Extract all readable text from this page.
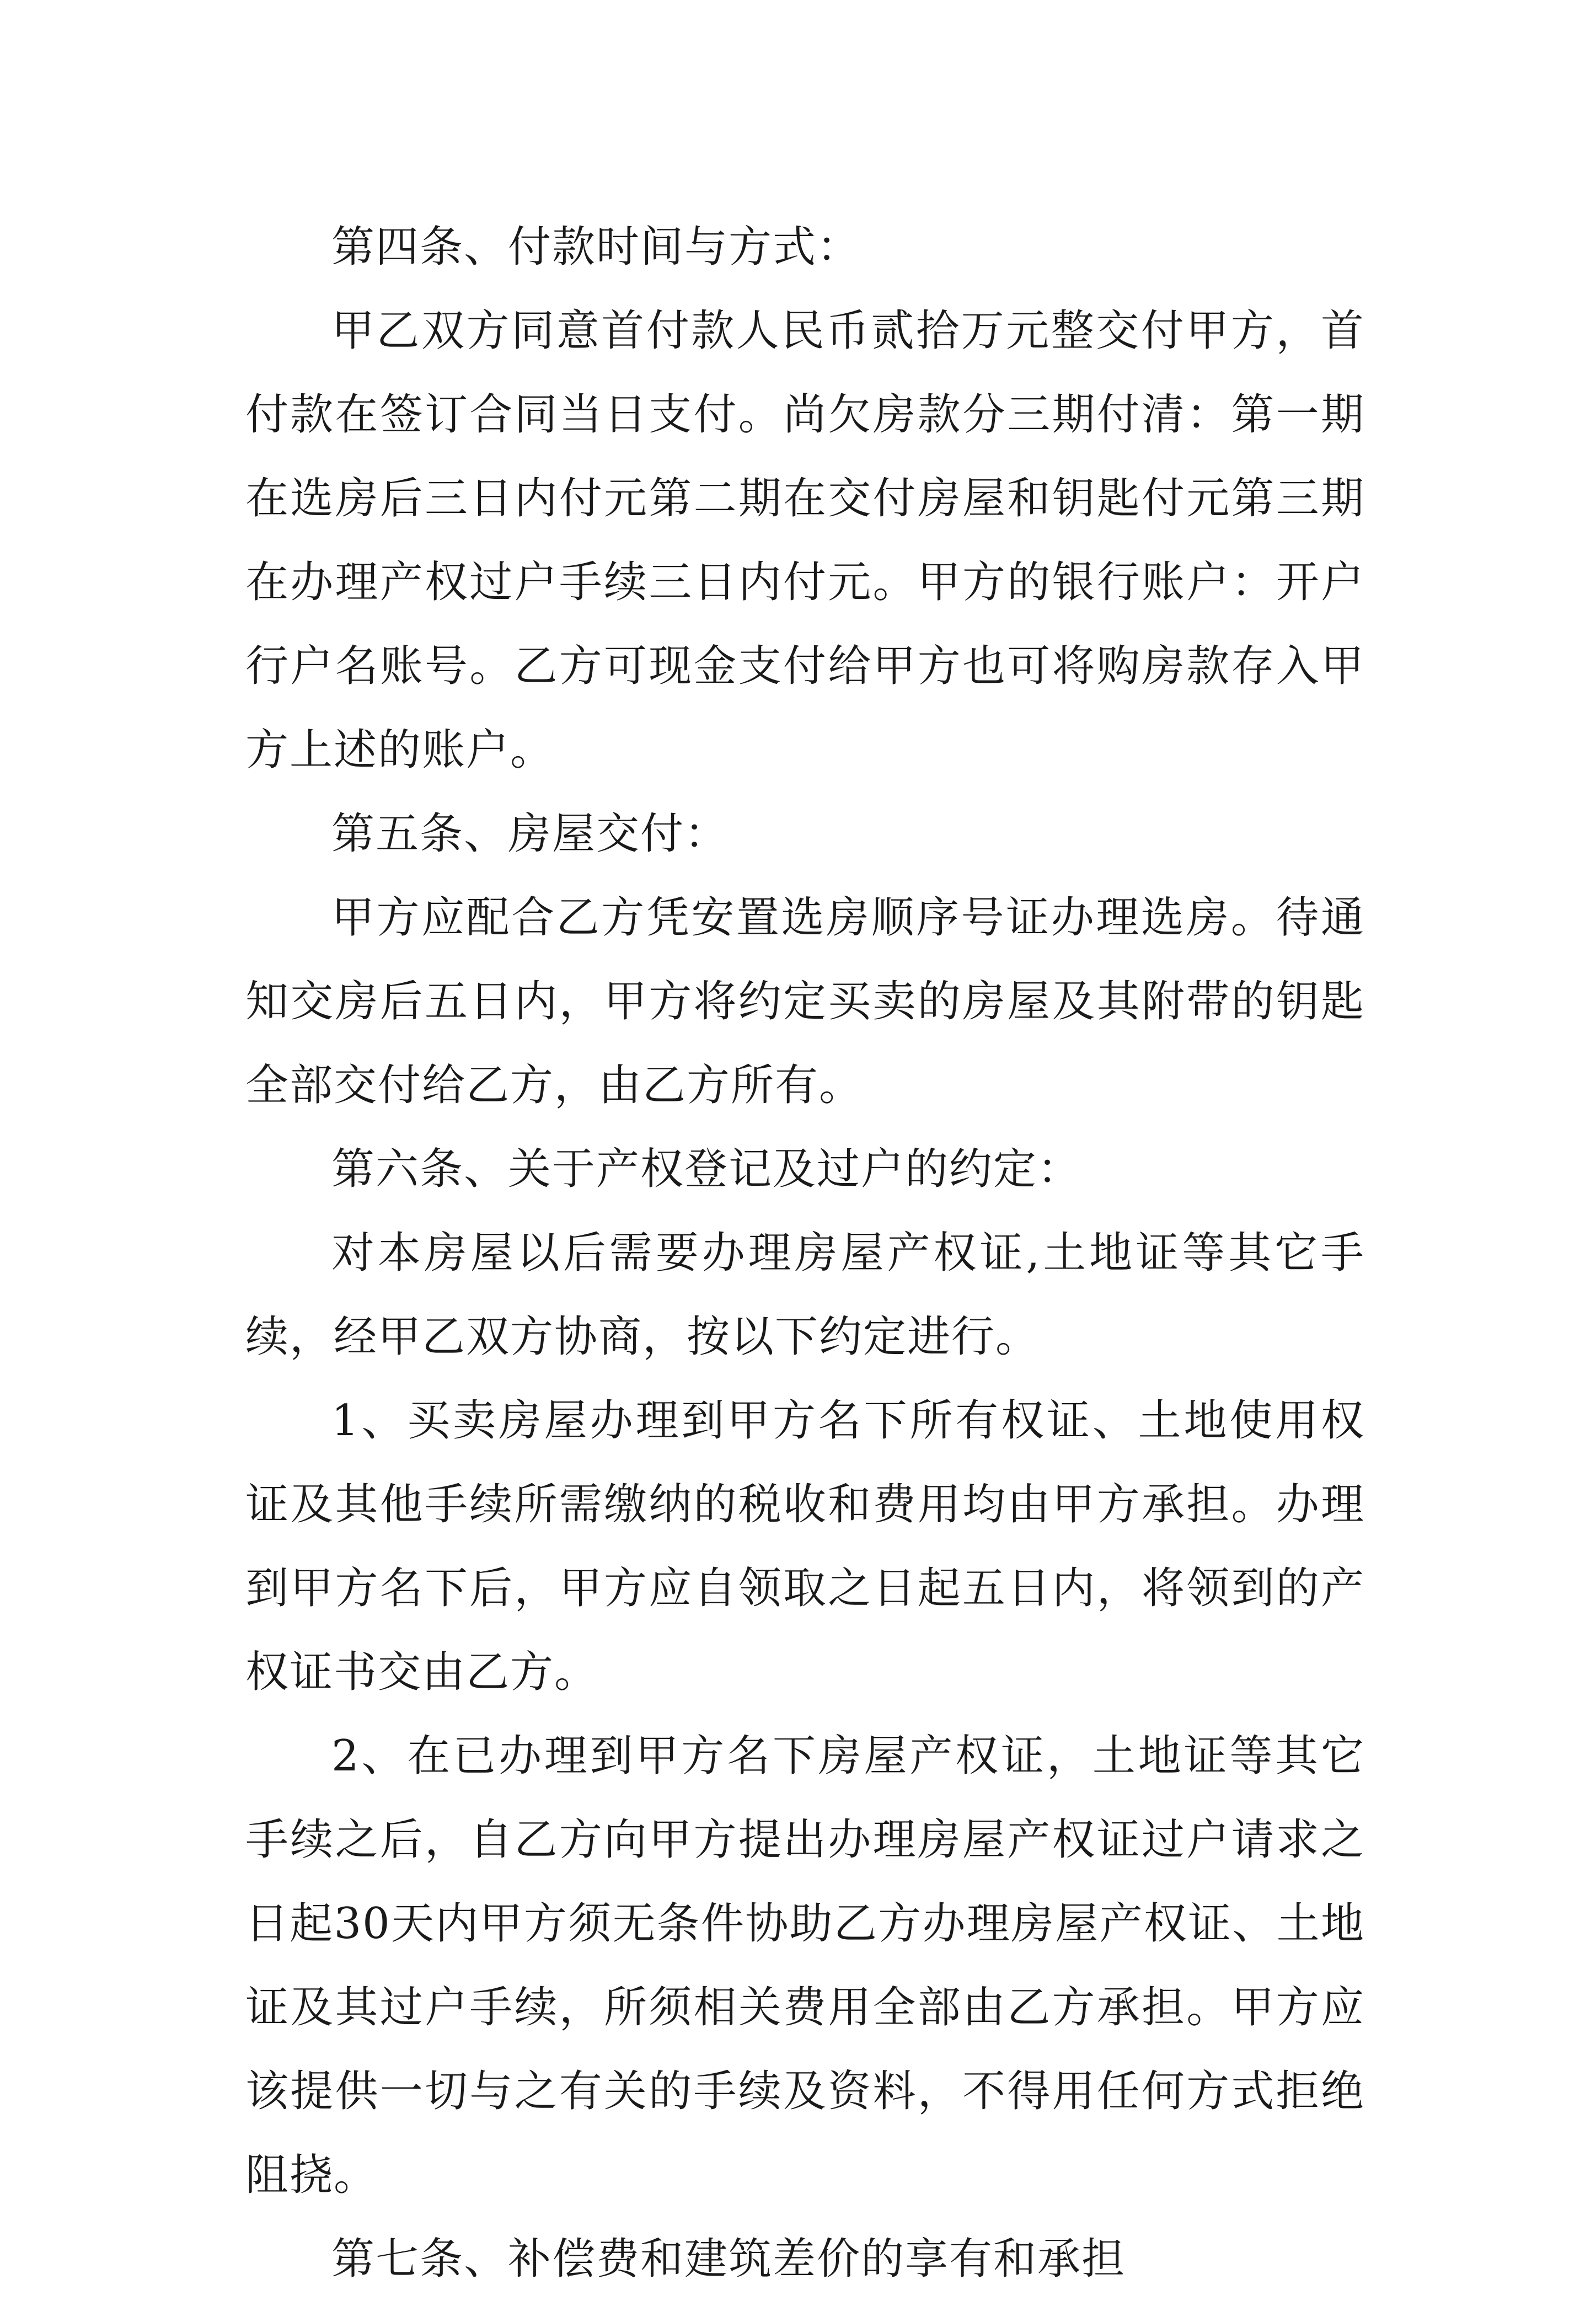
第四条、付款时间与方式：

甲乙双方同意首付款人民币贰拾万元整交付甲方，首付款在签订合同当日支付。尚欠房款分三期付清：第一期在选房后三日内付元第二期在交付房屋和钥匙付元第三期在办理产权过户手续三日内付元。甲方的银行账户：开户行户名账号。乙方可现金支付给甲方也可将购房款存入甲方上述的账户。

第五条、房屋交付：

甲方应配合乙方凭安置选房顺序号证办理选房。待通知交房后五日内，甲方将约定买卖的房屋及其附带的钥匙全部交付给乙方，由乙方所有。

第六条、关于产权登记及过户的约定：

对本房屋以后需要办理房屋产权证,土地证等其它手续，经甲乙双方协商，按以下约定进行。

1、买卖房屋办理到甲方名下所有权证、土地使用权证及其他手续所需缴纳的税收和费用均由甲方承担。办理到甲方名下后，甲方应自领取之日起五日内，将领到的产权证书交由乙方。

2、在已办理到甲方名下房屋产权证，土地证等其它手续之后，自乙方向甲方提出办理房屋产权证过户请求之日起30天内甲方须无条件协助乙方办理房屋产权证、土地证及其过户手续，所须相关费用全部由乙方承担。甲方应该提供一切与之有关的手续及资料，不得用任何方式拒绝阻挠。

第七条、补偿费和建筑差价的享有和承担
